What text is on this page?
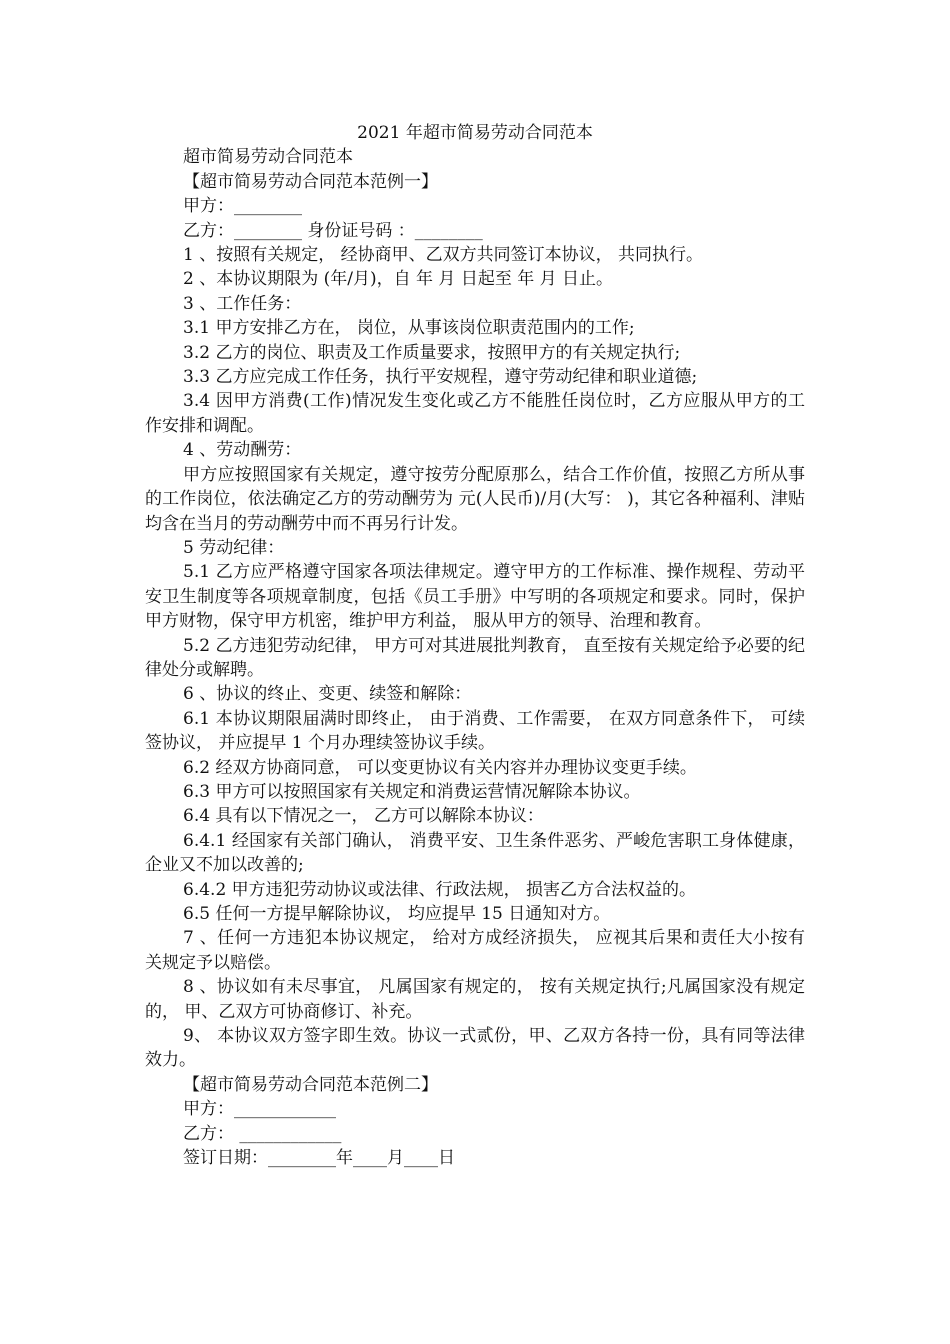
2021 年超市简易劳动合同范本

超市简易劳动合同范本

【超市简易劳动合同范本范例一】

甲方：________

乙方：________ 身份证号码 ：________

1 、按照有关规定， 经协商甲、乙双方共同签订本协议， 共同执行。

2 、本协议期限为 (年/月)，自 年 月 日起至 年 月 日止。

3 、工作任务：

3.1 甲方安排乙方在， 岗位，从事该岗位职责范围内的工作;

3.2 乙方的岗位、职责及工作质量要求，按照甲方的有关规定执行;

3.3 乙方应完成工作任务，执行平安规程，遵守劳动纪律和职业道德;

3.4 因甲方消费(工作)情况发生变化或乙方不能胜任岗位时，乙方应服从甲方的工作安排和调配。

4 、劳动酬劳：

甲方应按照国家有关规定，遵守按劳分配原那么，结合工作价值，按照乙方所从事的工作岗位，依法确定乙方的劳动酬劳为 元(人民币)/月(大写： )，其它各种福利、津贴均含在当月的劳动酬劳中而不再另行计发。

5 劳动纪律：

5.1 乙方应严格遵守国家各项法律规定。遵守甲方的工作标准、操作规程、劳动平安卫生制度等各项规章制度，包括《员工手册》中写明的各项规定和要求。同时，保护甲方财物，保守甲方机密，维护甲方利益， 服从甲方的领导、治理和教育。

5.2 乙方违犯劳动纪律， 甲方可对其进展批判教育， 直至按有关规定给予必要的纪律处分或解聘。

6 、协议的终止、变更、续签和解除：

6.1 本协议期限届满时即终止， 由于消费、工作需要， 在双方同意条件下， 可续签协议， 并应提早 1 个月办理续签协议手续。

6.2 经双方协商同意， 可以变更协议有关内容并办理协议变更手续。

6.3 甲方可以按照国家有关规定和消费运营情况解除本协议。

6.4 具有以下情况之一， 乙方可以解除本协议：

6.4.1 经国家有关部门确认， 消费平安、卫生条件恶劣、严峻危害职工身体健康， 企业又不加以改善的;

6.4.2 甲方违犯劳动协议或法律、行政法规， 损害乙方合法权益的。

6.5 任何一方提早解除协议， 均应提早 15 日通知对方。

7 、任何一方违犯本协议规定， 给对方成经济损失， 应视其后果和责任大小按有关规定予以赔偿。

8 、协议如有未尽事宜， 凡属国家有规定的， 按有关规定执行;凡属国家没有规定的， 甲、乙双方可协商修订、补充。

9、 本协议双方签字即生效。协议一式贰份，甲、乙双方各持一份，具有同等法律效力。

【超市简易劳动合同范本范例二】

甲方：____________

乙方： ____________

签订日期：________年____月____日
